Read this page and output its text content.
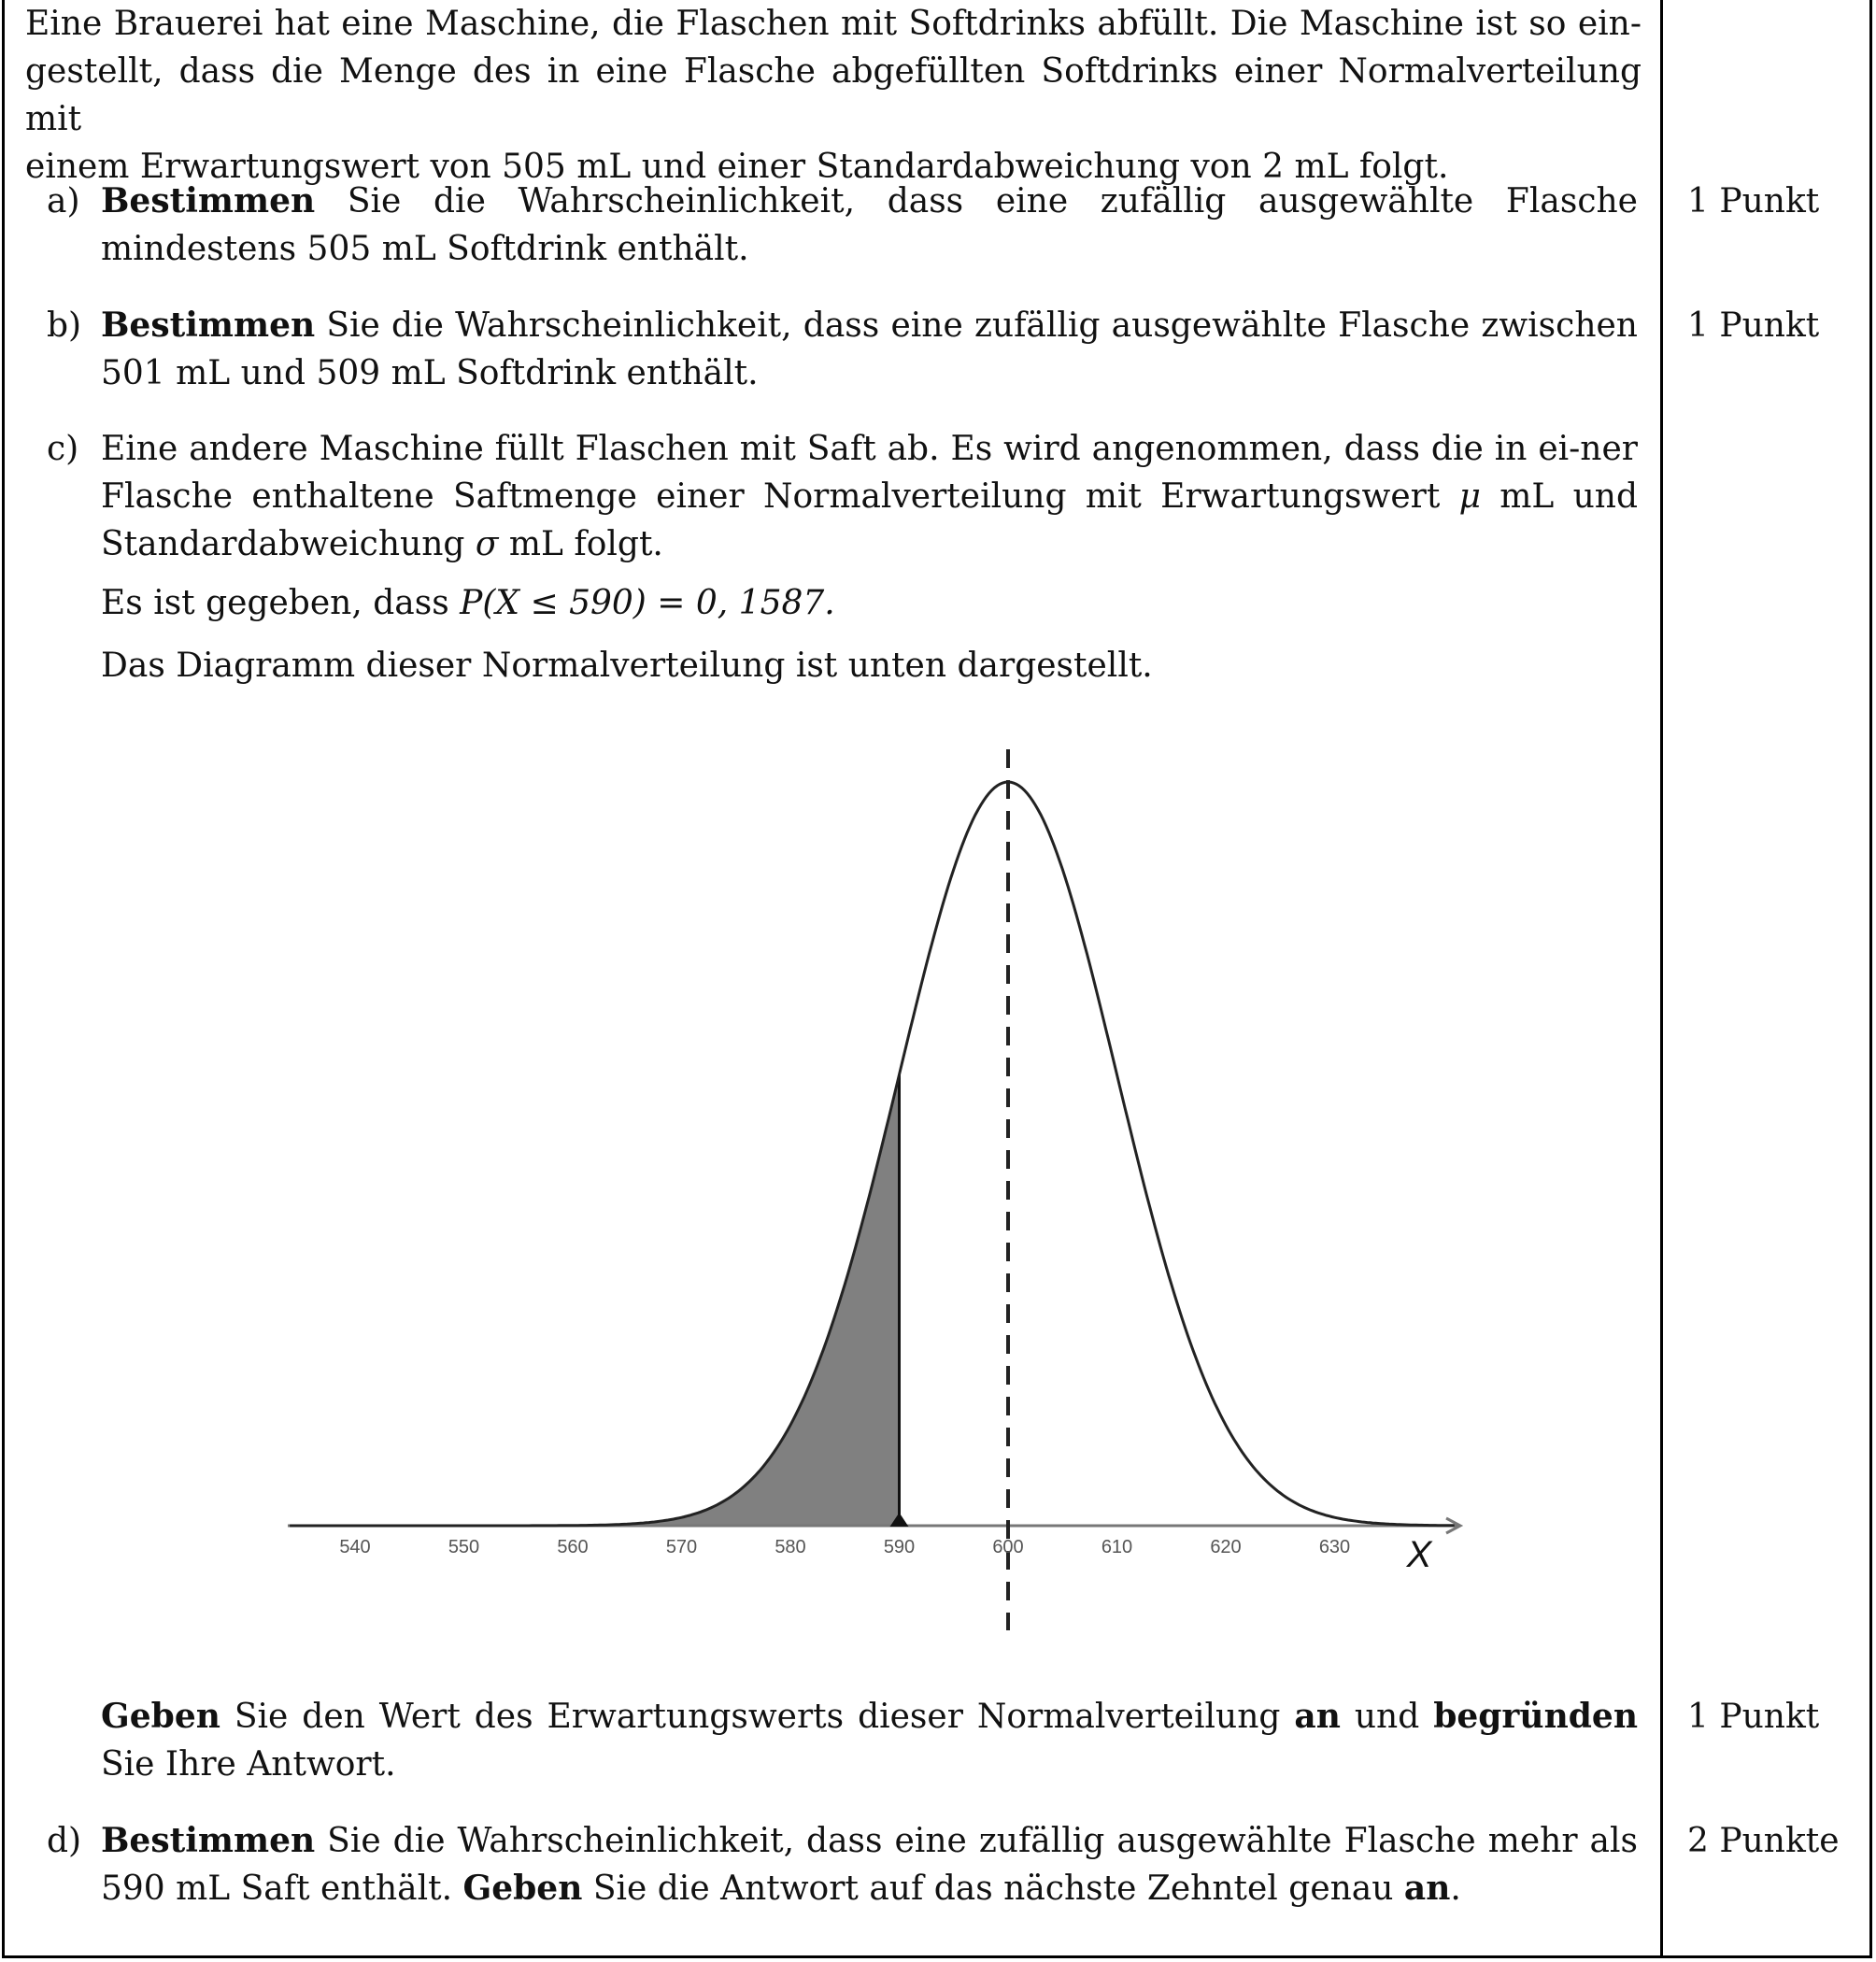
Eine Brauerei hat eine Maschine, die Flaschen mit Softdrinks abfüllt. Die Maschine ist so ein-
gestellt, dass die Menge des in eine Flasche abgefüllten Softdrinks einer Normalverteilung mit
einem Erwartungswert von 505 mL und einer Standardabweichung von 2 mL folgt.
a) Bestimmen Sie die Wahrscheinlichkeit, dass eine zufällig ausgewählte Flasche mindestens 505 mL Softdrink enthält.

1 Punkt
b) Bestimmen Sie die Wahrscheinlichkeit, dass eine zufällig ausgewählte Flasche zwischen 501 mL und 509 mL Softdrink enthält.

1 Punkt
c) Eine andere Maschine füllt Flaschen mit Saft ab. Es wird angenommen, dass die in ei-ner Flasche enthaltene Saftmenge einer Normalverteilung mit Erwartungswert μ mL und Standardabweichung σ mL folgt.

Es ist gegeben, dass P(X ≤ 590) = 0, 1587.

Das Diagramm dieser Normalverteilung ist unten dargestellt.

540	550	560	570	580	590	600	610	620	630 X

Geben Sie den Wert des Erwartungswerts dieser Normalverteilung an und begründen Sie Ihre Antwort.

1 Punkt
d) Bestimmen Sie die Wahrscheinlichkeit, dass eine zufällig ausgewählte Flasche mehr als 590 mL Saft enthält. Geben Sie die Antwort auf das nächste Zehntel genau an.

2 Punkte
